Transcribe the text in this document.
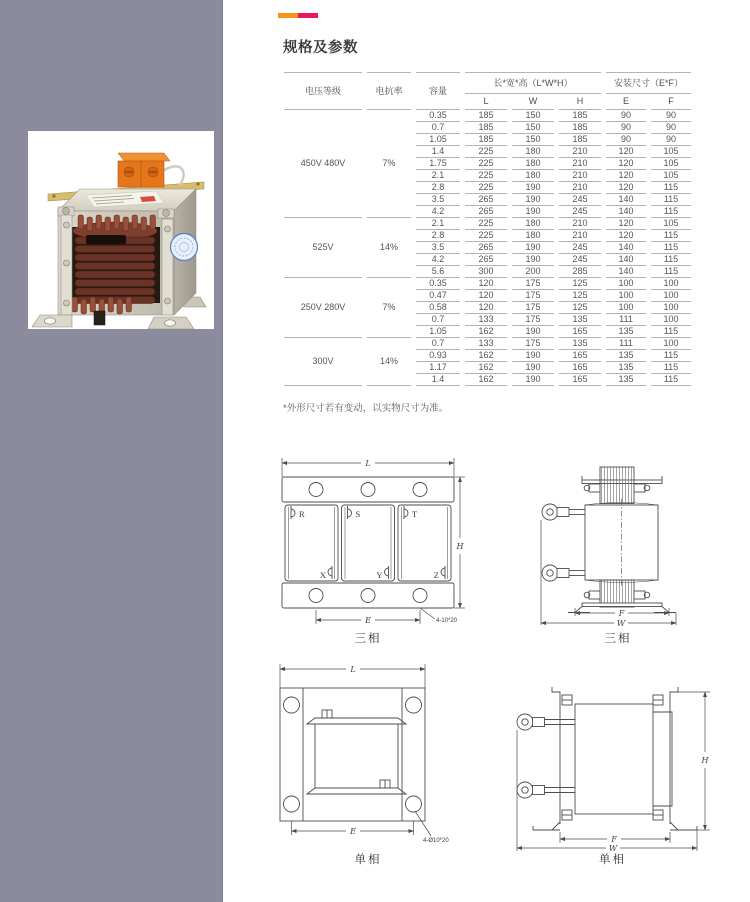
规格及参数
电压等级	电抗率	容量	长*宽*高（L*W*H）			安装尺寸（E*F）	
			L	W	H	E	F
450V 480V	7%	0.35	185	150	185	90	90
		0.7	185	150	185	90	90
		1.05	185	150	185	90	90
		1.4	225	180	210	120	105
		1.75	225	180	210	120	105
		2.1	225	180	210	120	105
		2.8	225	190	210	120	115
		3.5	265	190	245	140	115
		4.2	265	190	245	140	115
525V	14%	2.1	225	180	210	120	105
		2.8	225	180	210	120	115
		3.5	265	190	245	140	115
		4.2	265	190	245	140	115
		5.6	300	200	285	140	115
250V 280V	7%	0.35	120	175	125	100	100
		0.47	120	175	125	100	100
		0.58	120	175	125	100	100
		0.7	133	175	135	111	100
		1.05	162	190	165	135	115
300V	14%	0.7	133	175	135	111	100
		0.93	162	190	165	135	115
		1.17	162	190	165	135	115
		1.4	162	190	165	135	115
*外形尺寸若有变动，以实物尺寸为准。
L
R	S	T
X	Y	Z
H
E	4-10*20
三相
F
W
三相
L
E
4-Ø10*20
单相
H
F
W
单相
